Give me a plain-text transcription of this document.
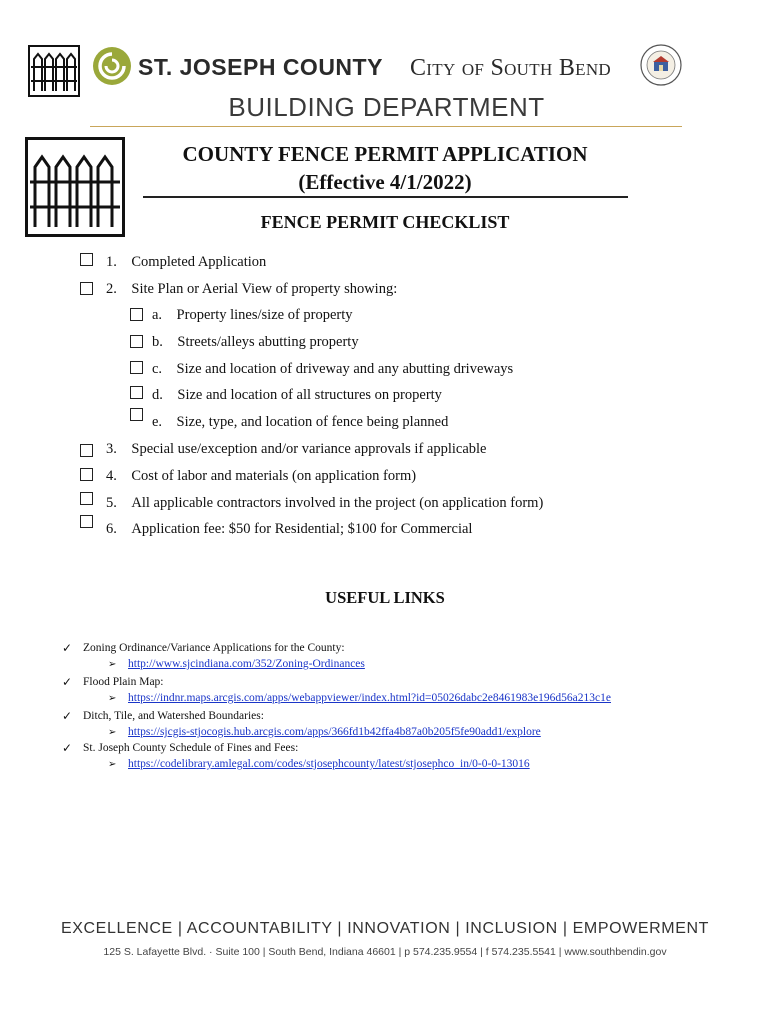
ST. JOSEPH COUNTY City of South Bend
BUILDING DEPARTMENT
COUNTY FENCE PERMIT APPLICATION
(Effective 4/1/2022)
FENCE PERMIT CHECKLIST
1. Completed Application
2. Site Plan or Aerial View of property showing:
a. Property lines/size of property
b. Streets/alleys abutting property
c. Size and location of driveway and any abutting driveways
d. Size and location of all structures on property
e. Size, type, and location of fence being planned
3. Special use/exception and/or variance approvals if applicable
4. Cost of labor and materials (on application form)
5. All applicable contractors involved in the project (on application form)
6. Application fee: $50 for Residential; $100 for Commercial
USEFUL LINKS
✓ Zoning Ordinance/Variance Applications for the County:
➢ http://www.sjcindiana.com/352/Zoning-Ordinances
✓ Flood Plain Map:
➢ https://indnr.maps.arcgis.com/apps/webappviewer/index.html?id=05026dabc2e8461983e196d56a213c1e
✓ Ditch, Tile, and Watershed Boundaries:
➢ https://sjcgis-stjocogis.hub.arcgis.com/apps/366fd1b42ffa4b87a0b205f5fe90add1/explore
✓ St. Joseph County Schedule of Fines and Fees:
➢ https://codelibrary.amlegal.com/codes/stjosephcounty/latest/stjosephco_in/0-0-0-13016
EXCELLENCE | ACCOUNTABILITY | INNOVATION | INCLUSION | EMPOWERMENT
125 S. Lafayette Blvd. · Suite 100 | South Bend, Indiana 46601 | p 574.235.9554 | f 574.235.5541 | www.southbendin.gov
